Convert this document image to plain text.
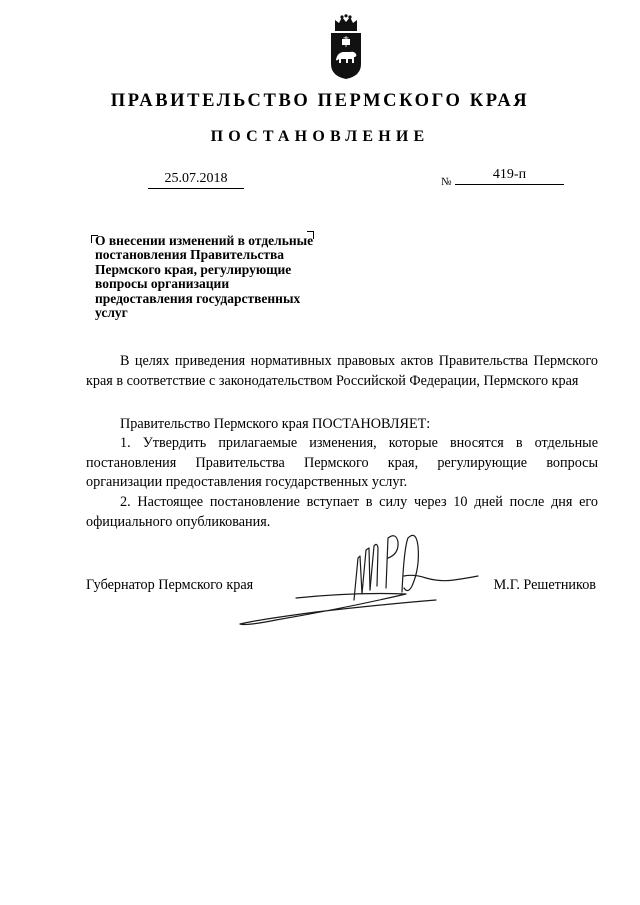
ПРАВИТЕЛЬСТВО ПЕРМСКОГО КРАЯ
ПОСТАНОВЛЕНИЕ
25.07.2018	№	419-п
О внесении изменений в отдельные
постановления Правительства
Пермского края, регулирующие
вопросы организации
предоставления государственных
услуг

В целях приведения нормативных правовых актов Правительства Пермского края в соответствие с законодательством Российской Федерации, Пермского края

Правительство Пермского края ПОСТАНОВЛЯЕТ:

1. Утвердить прилагаемые изменения, которые вносятся в отдельные постановления Правительства Пермского края, регулирующие вопросы организации предоставления государственных услуг.

2. Настоящее постановление вступает в силу через 10 дней после дня его официального опубликования.

Губернатор Пермского края	М.Г. Решетников
